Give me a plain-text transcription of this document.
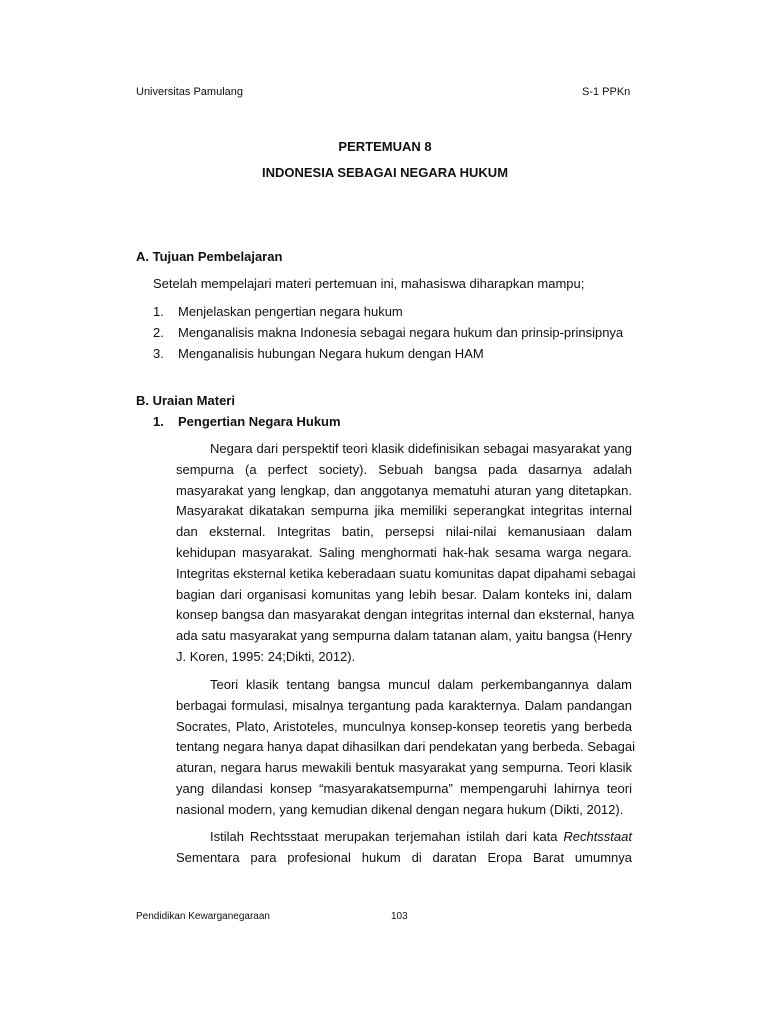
Universitas Pamulang	S-1 PPKn
PERTEMUAN 8
INDONESIA SEBAGAI NEGARA HUKUM
A. Tujuan Pembelajaran
Setelah mempelajari materi pertemuan ini, mahasiswa diharapkan mampu;
1. Menjelaskan pengertian negara hukum
2. Menganalisis makna Indonesia sebagai negara hukum dan prinsip-prinsipnya
3. Menganalisis hubungan Negara hukum dengan HAM
B. Uraian Materi
1. Pengertian Negara Hukum
Negara dari perspektif teori klasik didefinisikan sebagai masyarakat yang
sempurna (a perfect society). Sebuah bangsa pada dasarnya adalah
masyarakat yang lengkap, dan anggotanya mematuhi aturan yang ditetapkan.
Masyarakat dikatakan sempurna jika memiliki seperangkat integritas internal
dan eksternal. Integritas batin, persepsi nilai-nilai kemanusiaan dalam
kehidupan masyarakat. Saling menghormati hak-hak sesama warga negara.
Integritas eksternal ketika keberadaan suatu komunitas dapat dipahami sebagai
bagian dari organisasi komunitas yang lebih besar. Dalam konteks ini, dalam
konsep bangsa dan masyarakat dengan integritas internal dan eksternal, hanya
ada satu masyarakat yang sempurna dalam tatanan alam, yaitu bangsa (Henry
J. Koren, 1995: 24;Dikti, 2012).
Teori klasik tentang bangsa muncul dalam perkembangannya dalam
berbagai formulasi, misalnya tergantung pada karakternya. Dalam pandangan
Socrates, Plato, Aristoteles, munculnya konsep-konsep teoretis yang berbeda
tentang negara hanya dapat dihasilkan dari pendekatan yang berbeda. Sebagai
aturan, negara harus mewakili bentuk masyarakat yang sempurna. Teori klasik
yang dilandasi konsep “masyarakatsempurna” mempengaruhi lahirnya teori
nasional modern, yang kemudian dikenal dengan negara hukum (Dikti, 2012).
Istilah Rechtsstaat merupakan terjemahan istilah dari kata Rechtsstaat
Sementara para profesional hukum di daratan Eropa Barat umumnya
Pendidikan Kewarganegaraan	103
